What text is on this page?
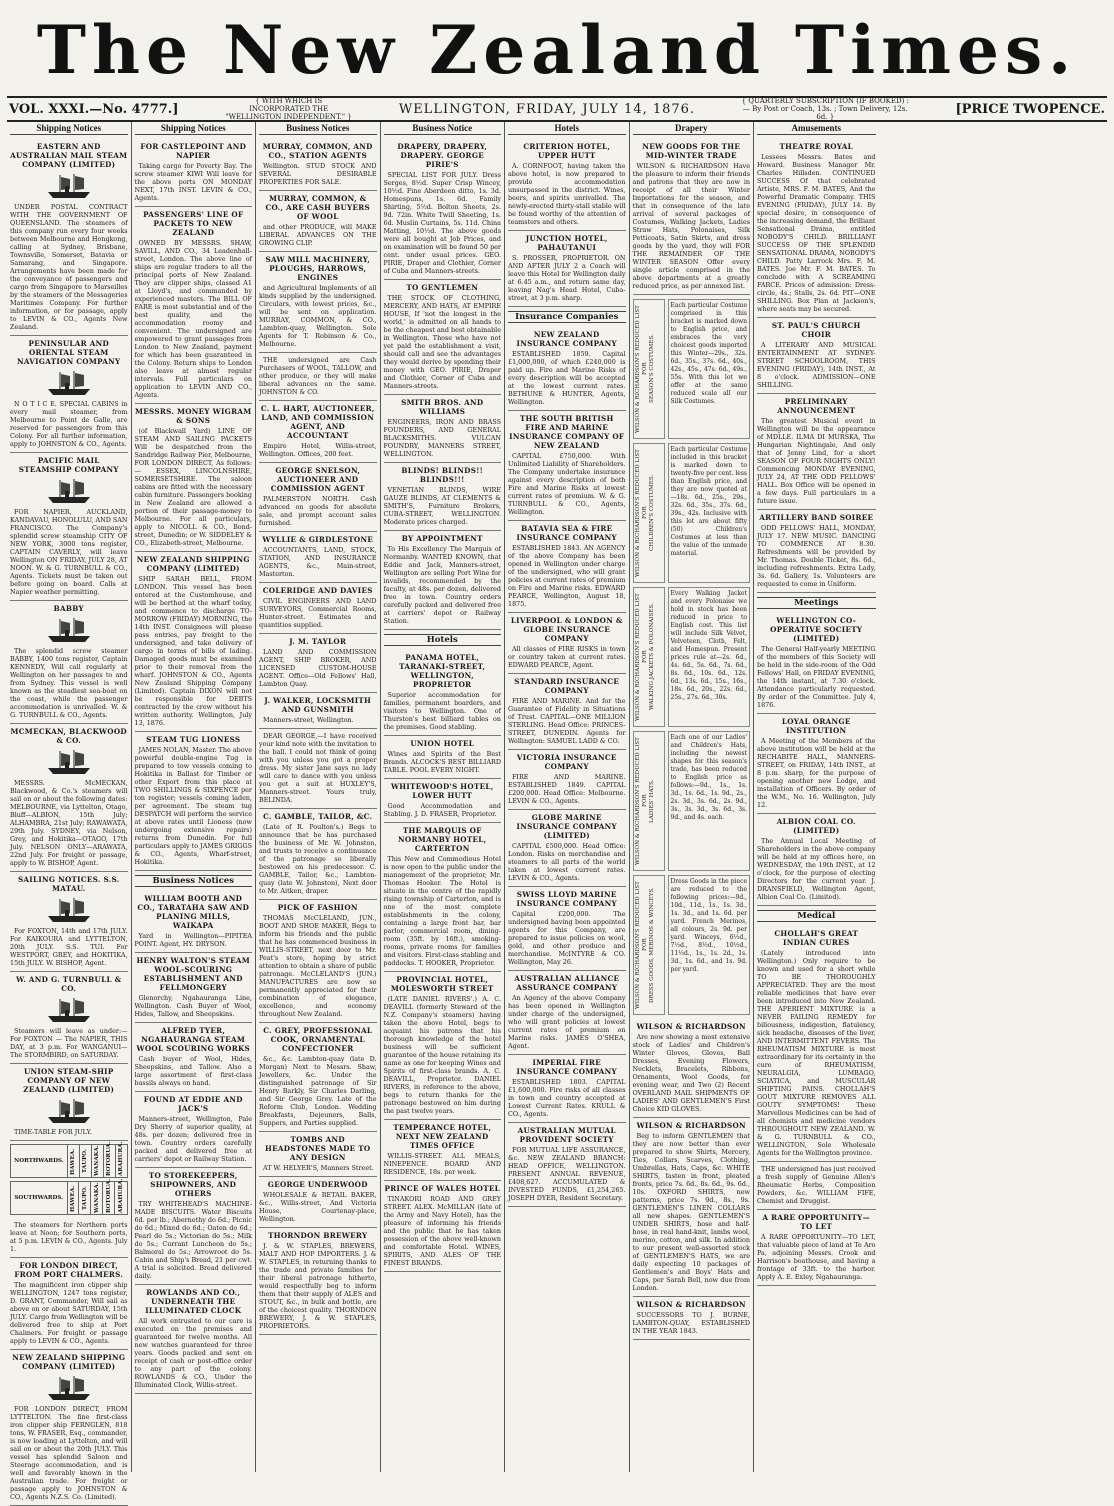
The New Zealand Times.
VOL. XXXI.—No. 4777.]
{ WITH WHICH IS INCORPORATED THE "WELLINGTON INDEPENDENT." }
WELLINGTON, FRIDAY, JULY 14, 1876.
{ QUARTERLY SUBSCRIPTION (IF BOOKED) :— By Post or Coach, 13s. ; Town Delivery, 12s. 6d. }
[PRICE TWOPENCE.
Shipping Notices
EASTERN AND AUSTRALIAN MAIL STEAM COMPANY (LIMITED)

UNDER POSTAL CONTRACT WITH THE GOVERNMENT OF QUEENSLAND. The steamers of this company run every four weeks between Melbourne and Hongkong, calling at Sydney, Brisbane, Townsville, Somerset, Batavia or Samarang, and Singapore. Arrangements have been made for the conveyance of passengers and cargo from Singapore to Marseilles by the steamers of the Messageries Maritimes Company. For further information, or for passage, apply to LEVIN & CO., Agents New Zealand.

PENINSULAR AND ORIENTAL STEAM NAVIGATION COMPANY

N O T I C E. SPECIAL CABINS in every mail steamer, from Melbourne to Point de Galle, are reserved for passengers from this Colony. For all further information, apply to JOHNSTON & CO., Agents.

PACIFIC MAIL STEAMSHIP COMPANY

FOR NAPIER, AUCKLAND, KANDAVAU, HONOLULU, AND SAN FRANCISCO. The Company's splendid screw steamship CITY OF NEW YORK, 3000 tons register, CAPTAIN CAVERLY, will leave Wellington ON FRIDAY, JULY 28, AT NOON. W. & G. TURNBULL & CO., Agents. Tickets must be taken out before going on board. Calls at Napier weather permitting.

BABBY

The splendid screw steamer BABBY, 1400 tons register, Captain KENNEDY, Will call regularly at Wellington on her passages to and from Sydney. This vessel is well known as the steadiest sea-boat on the coast, while the passenger accommodation is unrivalled. W. & G. TURNBULL & CO., Agents.

MCMECKAN, BLACKWOOD & CO.

MESSRS. McMECKAN, Blackwood, & Co.'s steamers will sail on or about the following dates: MELBOURNE, via Lyttelton, Otago, Bluff—ALBION, 15th July; ALHAMBRA, 21st July; RAWAWATA, 29th July. SYDNEY, via Nelson, Grey, and Hokitika—OTAGO, 17th July. NELSON ONLY—ARAWATA, 22nd July. For freight or passage, apply to W. BISHOP, Agent.

SAILING NOTICES. S.S. MATAU.

For FOXTON, 14th and 17th JULY. For KAIKOURA and LYTTELTON, 20th JULY. S.S. TUI. For WESTPORT, GREY, and HOKITIKA, 15th JULY. W. BISHOP, Agent.

W. AND G. TURNBULL & CO.

Steamers will leave as under:— For FOXTON — The NAPIER, THIS DAY, at 3 p.m. For WANGANUI—The STORMBIRD, on SATURDAY.

UNION STEAM-SHIP COMPANY OF NEW ZEALAND (LIMITED)

TIME-TABLE FOR JULY.

NORTHWARDS.	HAWEA.	TAUPO.	WANAKA.	ROTORUA.	ARAHURA.
SOUTHWARDS.	HAWEA.	TAUPO.	WANAKA.	ROTORUA.	ARAHURA.

The steamers for Northern ports leave at Noon; for Southern ports, at 5 p.m. LEVIN & CO., Agents. July 1.

FOR LONDON DIRECT, FROM PORT CHALMERS.

The magnificent iron clipper ship WELLINGTON, 1247 tons register, D. GRANT, Commander, Will sail as above on or about SATURDAY, 15th JULY. Cargo from Wellington will be delivered free to ship at Port Chalmers. For freight or passage apply to LEVIN & CO., Agents.

NEW ZEALAND SHIPPING COMPANY (LIMITED)

FOR LONDON DIRECT, FROM LYTTELTON. The fine first-class iron clipper ship FERNGLEN, 818 tons, W. FRASER, Esq., commander, is now loading at Lyttelton, and will sail on or about the 20th JULY. This vessel has splendid Saloon and Steerage accommodation, and is well and favorably known in the Australian trade. For freight or passage apply to JOHNSTON & CO., Agents N.Z.S. Co. (Limited).

Shipping Notices
FOR CASTLEPOINT AND NAPIER

Taking cargo for Poverty Bay. The screw steamer KIWI Will leave for the above ports ON MONDAY NEXT, 17th INST. LEVIN & CO., Agents.

PASSENGERS' LINE OF PACKETS TO NEW ZEALAND

OWNED BY MESSRS. SHAW, SAVILL, AND CO., 34 Leadenhall-street, London. The above line of ships are regular traders to all the principal ports of New Zealand. They are clipper ships, classed A1 at Lloyd's, and commanded by experienced masters. The BILL OF FARE is most substantial and of the best quality, and the accommodation roomy and convenient. The undersigned are empowered to grant passages from London to New Zealand, payment for which has been guaranteed in the Colony. Return ships to London also leave at almost regular intervals. Full particulars on application to LEVIN AND CO., Agents.

MESSRS. MONEY WIGRAM & SONS

(of Blackwall Yard) LINE OF STEAM AND SAILING PACKETS Will be despatched from the Sandridge Railway Pier, Melbourne, FOR LONDON DIRECT, As follows:— ESSEX, LINCOLNSHIRE, SOMERSETSHIRE. The saloon cabins are fitted with the necessary cabin furniture. Passengers booking in New Zealand are allowed a portion of their passage-money to Melbourne. For all particulars, apply to NICOLL & CO., Bond-street, Dunedin; or W. SIDDELEY & CO., Elizabeth-street, Melbourne.

NEW ZEALAND SHIPPING COMPANY (LIMITED)

SHIP SARAH BELL, FROM LONDON. This vessel has been entered at the Customhouse, and will be berthed at the wharf today, and commence to discharge TO-MORROW (FRIDAY) MORNING, the 14th INST. Consignees will please pass entries, pay freight to the undersigned, and take delivery of cargo in terms of bills of lading. Damaged goods must be examined prior to their removal from the wharf. JOHNSTON & CO., Agents New Zealand Shipping Company (Limited). Captain DIXON will not be responsible for DEBTS contracted by the crew without his written authority. Wellington, July 13, 1876.

STEAM TUG LIONESS

JAMES NOLAN, Master. The above powerful double-engine Tug is prepared to tow vessels coming to Hokitika in Ballast for Timber or other Export from this place at TWO SHILLINGS & SIXPENCE per ton register; vessels coming laden, per agreement. The steam tug DESPATCH will perform the service at above rates until Lioness (now undergoing extensive repairs) returns from Dunedin. For full particulars apply to JAMES GRIGGS & CO., Agents, Wharf-street, Hokitika.

Business Notices
WILLIAM BOOTH AND CO., TARATAHA SAW AND PLANING MILLS, WAIKAPA

Yard in Wellington—PIPITEA POINT. Agent, HY. DRYSON.

HENRY WALTON'S STEAM WOOL-SCOURING ESTABLISHMENT AND FELLMONGERY

Glenorchy, Ngahauranga Line, Wellington. Cash Buyer of Wool, Hides, Tallow, and Sheepskins.

ALFRED TYER, NGAHAURANGA STEAM WOOL SCOURING WORKS

Cash buyer of Wool, Hides, Sheepskins, and Tallow. Also a large assortment of first-class bassils always on hand.

FOUND AT EDDIE AND JACK'S

Manners-street, Wellington, Pale Dry Sherry of superior quality, at 48s. per dozen; delivered free in town. Country orders carefully packed and delivered free at carriers' depot or Railway Station.

TO STOREKEEPERS, SHIPOWNERS, AND OTHERS

TRY WHITEHEAD'S MACHINE-MADE BISCUITS. Water Biscuits 6d. per lb.; Abernethy do 6d.; Picnic do 6d.; Mixed do 6d.; Oaten do 6d.; Pearl do 5s.; Victorian do 5s.; Milk do 5s.; Currant Luncheon do 5s.; Balmoral do 5s.; Arrowroot do 5s. Cabin and Ship's Bread, 21 per cwt. A trial is solicited. Bread delivered daily.

ROWLANDS AND CO., UNDERNEATH THE ILLUMINATED CLOCK

All work entrusted to our care is executed on the premises and guaranteed for twelve months. All new watches guaranteed for three years. Goods packed and sent on receipt of cash or post-office order to any part of the colony. ROWLANDS & CO., Under the Illuminated Clock, Willis-street.

Business Notices
MURRAY, COMMON, AND CO., STATION AGENTS

Wellington. STUD STOCK AND SEVERAL DESIRABLE PROPERTIES FOR SALE.

MURRAY, COMMON, & CO., ARE CASH BUYERS OF WOOL

and other PRODUCE, will MAKE LIBERAL ADVANCES ON THE GROWING CLIP.

SAW MILL MACHINERY, PLOUGHS, HARROWS, ENGINES

and Agricultural Implements of all kinds supplied by the undersigned. Circulars, with lowest prices, &c., will be sent on application. MURRAY, COMMON, & CO., Lambton-quay, Wellington. Sole Agents for T. Robinson & Co., Melbourne.

THE undersigned are Cash Purchasers of WOOL, TALLOW, and other produce, or they will make liberal advances on the same. JOHNSTON & CO.

C. L. HART, AUCTIONEER, LAND, AND COMMISSION AGENT, AND ACCOUNTANT

Empire Hotel, Willis-street, Wellington. Offices, 200 feet.

GEORGE SNELSON, AUCTIONEER AND COMMISSION AGENT

PALMERSTON NORTH. Cash advanced on goods for absolute sale, and prompt account sales furnished.

WYLLIE & GIRDLESTONE

ACCOUNTANTS, LAND, STOCK, STATION, AND INSURANCE AGENTS, &c., Main-street, Masterton.

COLERIDGE AND DAVIES

CIVIL ENGINEERS AND LAND SURVEYORS, Commercial Rooms, Hunter-street. Estimates and quantities supplied.

J. M. TAYLOR

LAND AND COMMISSION AGENT, SHIP BROKER, AND LICENSED CUSTOM-HOUSE AGENT. Office—Old Fellows' Hall, Lambton Quay.

J. WALKER, LOCKSMITH AND GUNSMITH

Manners-street, Wellington.

DEAR GEORGE,—I have received your kind note with the invitation to the ball. I could not think of going with you unless you got a proper dress. My sister Jane says no lady will care to dance with you unless you get a suit at HUXLEY'S, Manners-street. Yours truly, BELINDA.

C. GAMBLE, TAILOR, &C.

(Late of R. Poulton's.) Begs to announce that he has purchased the business of Mr. W. Johnston, and trusts to receive a continuance of the patronage so liberally bestowed on his predecessor. C. GAMBLE, Tailor, &c., Lambton-quay (late W. Johnston), Next door to Mr. Aitken, draper.

PICK OF FASHION

THOMAS McCLELAND, JUN., BOOT AND SHOE MAKER, Begs to inform his friends and the public that he has commenced business in WILLIS-STREET, next door to Mr. Peat's store, hoping by strict attention to obtain a share of public patronage. McCLELAND'S (JUN.) MANUFACTURES are now so permanently appreciated for their combination of elegance, excellence, and economy throughout New Zealand.

C. GREY, PROFESSIONAL COOK, ORNAMENTAL CONFECTIONER

&c., &c. Lambton-quay (late D. Morgan) Next to Messrs. Shaw, Jewellers, &c. Under the distinguished patronage of Sir Henry Barkly, Sir Charles Darling, and Sir George Grey. Late of the Reform Club, London. Wedding Breakfasts, Dejeuners, Balls, Suppers, and Parties supplied.

TOMBS AND HEADSTONES MADE TO ANY DESIGN

AT W. HELYER'S, Manners Street.

GEORGE UNDERWOOD

WHOLESALE & RETAIL BAKER, &c., Willis-street, And Victoria House, Courtenay-place, Wellington.

THORNDON BREWERY

J. & W. STAPLES, BREWERS, MALT AND HOP IMPORTERS. J. & W. STAPLES, in returning thanks to the trade and private families for their liberal patronage hitherto, would respectfully beg to inform them that their supply of ALES and STOUT, &c., in bulk and bottle, are of the choicest quality. THORNDON BREWERY, J. & W. STAPLES, PROPRIETORS.

Business Notice
DRAPERY, DRAPERY, DRAPERY. GEORGE PIRIE'S

SPECIAL LIST FOR JULY. Dress Serges, 8½d. Super Crisp Wincey, 10½d. Fine Aberdeen ditto, 1s. 3d. Homespuns, 1s. 6d. Family Shirting, 5½d. Bolton Sheets, 2s. 9d. 72in. White Twill Sheeting, 1s. 6d. Muslin Curtains, 5s. 11d. China Matting, 10½d. The above goods were all bought at Job Prices, and on examination will be found 50 per cent. under usual prices. GEO. PIRIE, Draper and Clothier, Corner of Cuba and Manners-streets.

TO GENTLEMEN

THE STOCK OF CLOTHING, MERCERY, AND HATS, AT EMPIRE HOUSE, If 'not the longest in the world,' is admitted on all hands to be the cheapest and best obtainable in Wellington. Those who have not yet paid the establishment a visit, should call and see the advantages they would derive by spending their money with GEO. PIRIE, Draper and Clothier, Corner of Cuba and Manners-streets.

SMITH BROS. AND WILLIAMS

ENGINEERS, IRON AND BRASS FOUNDERS, AND GENERAL BLACKSMITHS. VULCAN FOUNDRY, MANNERS STREET, WELLINGTON.

BLINDS! BLINDS!! BLINDS!!!

VENETIAN BLINDS, WIRE GAUZE BLINDS, AT CLEMENTS & SMITH'S, Furniture Brokers, CUBA-STREET, WELLINGTON. Moderate prices charged.

BY APPOINTMENT

To His Excellency The Marquis of Normanby. WANTED KNOWN, that Eddie and Jack, Manners-street, Wellington are selling Port Wine for invalids, recommended by the faculty, at 48s. per dozen, delivered free in town. Country orders carefully packed and delivered free at carriers' depot or Railway Station.

Hotels
PANAMA HOTEL, TARANAKI-STREET, WELLINGTON, PROPRIETOR

Superior accommodation for families, permanent boarders, and visitors to Wellington. One of Thurston's best billiard tables on the premises. Good stabling.

UNION HOTEL

Wines and Spirits of the Best Brands. ALCOCK'S BEST BILLIARD TABLE. POOL EVERY NIGHT.

WHITEWOOD'S HOTEL, LOWER HUTT

Good Accommodation and Stabling. J. D. FRASER, Proprietor.

THE MARQUIS OF NORMANBY HOTEL, CARTERTON

This New and Commodious Hotel is now open to the public under the management of the proprietor, Mr. Thomas Hooker. The Hotel is situate in the centre of the rapidly rising township of Carterton, and is one of the most complete establishments in the colony, containing a large front bar, bar parlor, commercial room, dining-room (35ft. by 16ft.), smoking-rooms, private rooms for families and visitors. First-class stabling and paddocks. T. HOOKER, Proprietor.

PROVINCIAL HOTEL, MOLESWORTH STREET

(LATE DANIEL RIVERS'.) A. C. DEAVILL (formerly Steward of the N.Z. Company's steamers) having taken the above Hotel, begs to acquaint his patrons that his thorough knowledge of the hotel business will be sufficient guarantee of the house retaining its name as one for keeping Wines and Spirits of first-class brands. A. C. DEAVILL, Proprietor. DANIEL RIVERS, in reference to the above, begs to return thanks for the patronage bestowed on him during the past twelve years.

TEMPERANCE HOTEL, NEXT NEW ZEALAND TIMES OFFICE

WILLIS-STREET. ALL MEALS, NINEPENCE. BOARD AND RESIDENCE, 18s. per week.

PRINCE OF WALES HOTEL

TINAKORI ROAD AND GREY STREET. ALEX. McMILLAN (late of the Army and Navy Hotel), has the pleasure of informing his friends and the public that he has taken possession of the above well-known and comfortable Hotel. WINES, SPIRITS, AND ALES OF THE FINEST BRANDS.

Hotels
CRITERION HOTEL, UPPER HUTT

A. CORNFOOT, having taken the above hotel, is now prepared to provide accommodation unsurpassed in the district. Wines, beers, and spirits unrivalled. The newly-erected thirty-stall stable will be found worthy of the attention of teamsters and others.

JUNCTION HOTEL, PAHAUTANUI

S. PROSSER, PROPRIETOR. ON AND AFTER JULY 2 a Coach will leave this Hotel for Wellington daily at 6.45 a.m., and return same day, leaving Nag's Head Hotel, Cuba-street, at 3 p.m. sharp.

Insurance Companies
NEW ZEALAND INSURANCE COMPANY

ESTABLISHED 1859. Capital £1,000,000, of which £240,000 is paid up. Fire and Marine Risks of every description will be accepted at the lowest current rates. BETHUNE & HUNTER, Agents, Wellington.

THE SOUTH BRITISH FIRE AND MARINE INSURANCE COMPANY OF NEW ZEALAND

CAPITAL £750,000. With Unlimited Liability of Shareholders. The Company undertake insurance against every description of both Fire and Marine Risks at lowest current rates of premium. W. & G. TURNBULL & CO., Agents, Wellington.

BATAVIA SEA & FIRE INSURANCE COMPANY

ESTABLISHED 1843. AN AGENCY of the above Company has been opened in Wellington under charge of the undersigned, who will grant policies at current rates of premium on Fire and Marine risks. EDWARD PEARCE, Wellington, August 18, 1875.

LIVERPOOL & LONDON & GLOBE INSURANCE COMPANY

All classes of FIRE RISKS in town or country taken at current rates. EDWARD PEARCE, Agent.

STANDARD INSURANCE COMPANY

FIRE AND MARINE. And for the Guarantee of Fidelity in Situations of Trust. CAPITAL—ONE MILLION STERLING. Head Office: PRINCES-STREET, DUNEDIN. Agents for Wellington: SAMUEL LADD & CO.

VICTORIA INSURANCE COMPANY

FIRE AND MARINE. ESTABLISHED 1849. CAPITAL £200,000. Head Office: Melbourne. LEVIN & CO., Agents.

GLOBE MARINE INSURANCE COMPANY (LIMITED)

CAPITAL £500,000. Head Office: London. Risks on merchandise and steamers to all parts of the world taken at lowest current rates. LEVIN & CO., Agents.

SWISS LLOYD MARINE INSURANCE COMPANY

Capital £200,000. The undersigned having been appointed agents for this Company, are prepared to issue policies on wool, gold, and other produce and merchandise. McINTYRE & CO. Wellington, May 26.

AUSTRALIAN ALLIANCE ASSURANCE COMPANY

An Agency of the above Company has been opened in Wellington under charge of the undersigned, who will grant policies at lowest current rates of premium on Marine risks. JAMES O'SHEA, Agent.

IMPERIAL FIRE INSURANCE COMPANY

ESTABLISHED 1803. CAPITAL £1,600,000. Fire risks of all classes in town and country accepted at Lowest Current Rates. KRULL & CO., Agents.

AUSTRALIAN MUTUAL PROVIDENT SOCIETY

FOR MUTUAL LIFE ASSURANCE, &c. NEW ZEALAND BRANCH: HEAD OFFICE, WELLINGTON. PRESENT ANNUAL REVENUE, £408,627. ACCUMULATED & INVESTED FUNDS, £1,254,265. JOSEPH DYER, Resident Secretary.

Drapery
NEW GOODS FOR THE MID-WINTER TRADE

WILSON & RICHARDSON Have the pleasure to inform their friends and patrons that they are now in receipt of all their Winter Importations for the season, and that in consequence of the late arrival of several packages of Costumes, Walking Jackets, Ladies Straw Hats, Polonaises, Silk Petticoats, Satin Skirts, and dress goods by the yard, they will FOR THE REMAINDER OF THE WINTER SEASON Offer every single article comprised in the above departments at a greatly reduced price, as per annexed list.

WILSON & RICHARDSON'S REDUCED LIST FOR
SEASON'S COSTUMES.
Each particular Costume comprised in this bracket is marked down to English price, and embraces the very choicest goods imported this Winter—29s., 32s. 6d., 35s., 37s. 6d., 40s., 42s., 45s., 47s. 6d., 49s., 55s. With this lot we offer at the same reduced scale all our Silk Costumes.
WILSON & RICHARDSON'S REDUCED LIST FOR
CHILDREN'S COSTUMES.
Each particular Costume included in this bracket is marked down to twenty-five per cent. less than English price, and they are now quoted at—18s. 6d., 25s., 29s., 32s. 6d., 35s., 37s. 6d., 39s., 42s. Inclusive with this lot are about fifty (50) Children's Costumes at less than the value of the unmade material.
WILSON & RICHARDSON'S REDUCED LIST FOR
WALKING JACKETS & POLONAISES.
Every Walking Jacket and every Polonaise we hold in stock has been reduced in price to English cost. This list will include Silk Velvet, Velveteen, Cloth, Felt, and Homespun. Present prices rule at—2s. 6d., 4s. 6d., 5s. 6d., 7s. 6d., 8s. 6d., 10s. 6d., 12s. 6d., 13s. 6d., 15s., 16s., 18s. 6d., 20s., 22s. 6d., 25s., 27s. 6d., 30s.
WILSON & RICHARDSON'S REDUCED LIST FOR
LADIES' HATS.
Each one of our Ladies' and Children's Hats, including the newest shapes for this season's trade, has been reduced to English price as follows:—9d., 1s., 1s. 3d., 1s. 6d., 1s. 9d., 2s., 2s. 3d., 3s. 6d., 2s. 9d., 3s., 3s. 3d., 3s. 6d., 3s. 9d., and 4s. each.
WILSON & RICHARDSON'S REDUCED LIST FOR
DRESS GOODS, MERINOS & WINCEYS.
Dress Goods in the piece are reduced to the following prices:—9d., 10d., 11d., 1s., 1s. 3d., 1s. 3d., and 1s. 6d. per yard. French Merinos, all colours, 2s. 9d. per yard. Winceys, 6½d., 7½d., 8½d., 10½d., 11½d., 1s., 1s. 2d., 1s. 3d., 1s. 6d., and 1s. 9d. per yard.
WILSON & RICHARDSON

Are now showing a most extensive stock of Ladies' and Children's Winter Gloves, Gloves, Ball Dresses, Evening Flowers, Necklets, Bracelets, Ribbons, Ornaments, Wool Goods, for evening wear, and Two (2) Recent OVERLAND MAIL SHIPMENTS OF LADIES' AND GENTLEMEN'S First Choice KID GLOVES.

WILSON & RICHARDSON

Beg to inform GENTLEMEN that they are now better than ever prepared to show Shirts, Mercery, Ties, Collars, Scarves, Clothing, Umbrellas, Hats, Caps, &c. WHITE SHIRTS, fasten in front, pleated fronts, price 7s. 6d., 8s. 6d., 9s. 6d., 10s. OXFORD SHIRTS, new patterns, price 7s. 9d., 8s., 9s. GENTLEMEN'S LINEN COLLARS all new shapes. GENTLEMEN'S UNDER SHIRTS, hose and half-hose, in real hand-knit, lambs wool, merino, cotton, and silk. In addition to our present well-assorted stock of GENTLEMEN'S HATS, we are daily expecting 10 packages of Gentlemen's and Boys' Hats and Caps, per Sarah Bell, now due from London.

WILSON & RICHARDSON

SUCCESSORS TO J. BURNE, LAMBTON-QUAY, ESTABLISHED IN THE YEAR 1843.

Amusements
THEATRE ROYAL

Lessees Messrs. Bates and Howard. Business Manager Mr. Charles Hillsden. CONTINUED SUCCESS Of that celebrated Artiste, MRS. F. M. BATES, And the Powerful Dramatic Company. THIS EVENING (FRIDAY), JULY 14. By special desire, in consequence of the increasing demand, the Brilliant Sensational Drama, entitled NOBODY'S CHILD. BRILLIANT SUCCESS OF THE SPLENDID SENSATIONAL DRAMA, NOBODY'S CHILD. Patty Larrock Mrs. F. M. BATES. Joe Mr. F. M. BATES. To conclude with A SCREAMING FARCE. Prices of admission: Dress-circle, 4s.; Stalls, 2s. 6d. PIT—ONE SHILLING. Box Plan at Jackson's, where seats may be secured.

ST. PAUL'S CHURCH CHOIR

A LITERARY AND MUSICAL ENTERTAINMENT AT SYDNEY-STREET SCHOOLROOM, THIS EVENING (FRIDAY), 14th INST., At 8 o'clock. ADMISSION—ONE SHILLING.

PRELIMINARY ANNOUNCEMENT

The greatest Musical event in Wellington will be the appearance of MDLLE. ILMA DI MURSKA, The Hungarian Nightingale, And only that of Jenny Lind, for a short SEASON OF FOUR NIGHTS ONLY! Commencing MONDAY EVENING, JULY 24, AT THE ODD FELLOWS' HALL. Box Office will be opened in a few days. Full particulars in a future issue.

ARTILLERY BAND SOIREE

ODD FELLOWS' HALL, MONDAY, JULY 17. NEW MUSIC. DANCING TO COMMENCE AT 8.30. Refreshments will be provided by Mr. Thomas. Double Ticket, 8s. 6d., including refreshments. Extra Lady, 3s. 6d. Gallery, 1s. Volunteers are requested to come in Uniform.

Meetings
WELLINGTON CO-OPERATIVE SOCIETY (LIMITED)

The General Half-yearly MEETING of the members of this Society will be held in the side-room of the Odd Fellows' Hall, on FRIDAY EVENING, the 14th instant, at 7.30 o'clock. Attendance particularly requested. By order of the Committee. July 4, 1876.

LOYAL ORANGE INSTITUTION

A Meeting of the Members of the above institution will be held at the RECHABITE HALL, MANNERS-STREET, on FRIDAY, 14th INST., at 8 p.m. sharp, for the purpose of opening another new Lodge, and installation of Officers. By order of the W.M., No. 16. Wellington, July 12.

ALBION COAL CO. (LIMITED)

The Annual Local Meeting of Shareholders in the above company will be held at my offices here, on WEDNESDAY, the 19th INST., at 12 o'clock, for the purpose of electing Directors for the current year. J. DRANSFIELD, Wellington Agent, Albion Coal Co. (Limited).

Medical
CHOLLAH'S GREAT INDIAN CURES

(Lately introduced into Wellington.) Only require to be known and used for a short while TO BE THOROUGHLY APPRECIATED. They are the most reliable medicines that have ever been introduced into New Zealand. THE APERIENT MIXTURE is a NEVER FAILING REMEDY for biliousness, indigestion, flatulency, sick headache, diseases of the liver, AND INTERMITTENT FEVERS. The RHEUMATISM MIXTURE is most extraordinary for its certainty in the cure of RHEUMATISM, NEURALGIA, LUMBAGO, SCIATICA, and MUSCULAR SHIFTING PAINS. CHOLLAH'S GOUT MIXTURE REMOVES ALL GOUTY SYMPTOMS! These Marvellous Medicines can be had of all chemists and medicine vendors THROUGHOUT NEW ZEALAND. W. & G. TURNBULL & CO., WELLINGTON, Sole Wholesale Agents for the Wellington province.

THE undersigned has just received a fresh supply of Genuine Allen's Rheumatic Herbs, Composition Powders, &c. WILLIAM FIFE, Chemist and Druggist.

A RARE OPPORTUNITY—TO LET

A RARE OPPORTUNITY—TO LET, that valuable piece of land at Te Aro Pa, adjoining Messrs. Crook and Harrison's boathouse, and having a frontage of 33ft. to the harbor. Apply A. E. Exley, Ngahauranga.
